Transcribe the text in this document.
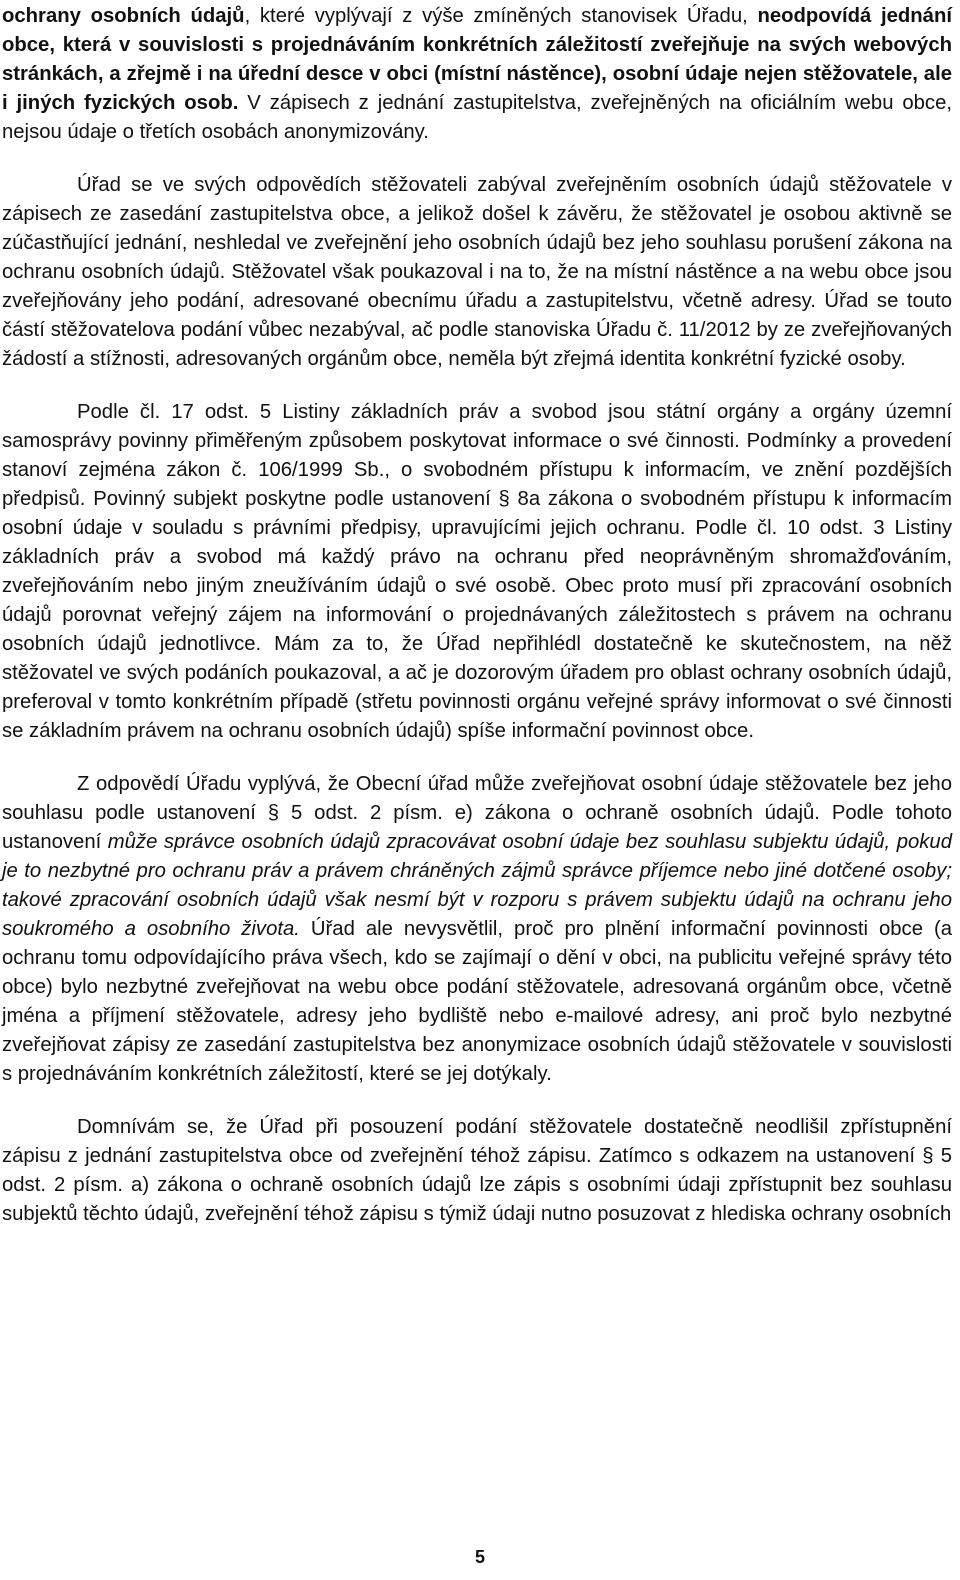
ochrany osobních údajů, které vyplývají z výše zmíněných stanovisek Úřadu, neodpovídá jednání obce, která v souvislosti s projednáváním konkrétních záležitostí zveřejňuje na svých webových stránkách, a zřejmě i na úřední desce v obci (místní nástěnce), osobní údaje nejen stěžovatele, ale i jiných fyzických osob. V zápisech z jednání zastupitelstva, zveřejněných na oficiálním webu obce, nejsou údaje o třetích osobách anonymizovány.

Úřad se ve svých odpovědích stěžovateli zabýval zveřejněním osobních údajů stěžovatele v zápisech ze zasedání zastupitelstva obce, a jelikož došel k závěru, že stěžovatel je osobou aktivně se zúčastňující jednání, neshledal ve zveřejnění jeho osobních údajů bez jeho souhlasu porušení zákona na ochranu osobních údajů. Stěžovatel však poukazoval i na to, že na místní nástěnce a na webu obce jsou zveřejňovány jeho podání, adresované obecnímu úřadu a zastupitelstvu, včetně adresy. Úřad se touto částí stěžovatelova podání vůbec nezabýval, ač podle stanoviska Úřadu č. 11/2012 by ze zveřejňovaných žádostí a stížnosti, adresovaných orgánům obce, neměla být zřejmá identita konkrétní fyzické osoby.

Podle čl. 17 odst. 5 Listiny základních práv a svobod jsou státní orgány a orgány územní samosprávy povinny přiměřeným způsobem poskytovat informace o své činnosti. Podmínky a provedení stanoví zejména zákon č. 106/1999 Sb., o svobodném přístupu k informacím, ve znění pozdějších předpisů. Povinný subjekt poskytne podle ustanovení § 8a zákona o svobodném přístupu k informacím osobní údaje v souladu s právními předpisy, upravujícími jejich ochranu. Podle čl. 10 odst. 3 Listiny základních práv a svobod má každý právo na ochranu před neoprávněným shromažďováním, zveřejňováním nebo jiným zneužíváním údajů o své osobě. Obec proto musí při zpracování osobních údajů porovnat veřejný zájem na informování o projednávaných záležitostech s právem na ochranu osobních údajů jednotlivce. Mám za to, že Úřad nepřihlédl dostatečně ke skutečnostem, na něž stěžovatel ve svých podáních poukazoval, a ač je dozorovým úřadem pro oblast ochrany osobních údajů, preferoval v tomto konkrétním případě (střetu povinnosti orgánu veřejné správy informovat o své činnosti se základním právem na ochranu osobních údajů) spíše informační povinnost obce.

Z odpovědí Úřadu vyplývá, že Obecní úřad může zveřejňovat osobní údaje stěžovatele bez jeho souhlasu podle ustanovení § 5 odst. 2 písm. e) zákona o ochraně osobních údajů. Podle tohoto ustanovení může správce osobních údajů zpracovávat osobní údaje bez souhlasu subjektu údajů, pokud je to nezbytné pro ochranu práv a právem chráněných zájmů správce příjemce nebo jiné dotčené osoby; takové zpracování osobních údajů však nesmí být v rozporu s právem subjektu údajů na ochranu jeho soukromého a osobního života. Úřad ale nevysvětlil, proč pro plnění informační povinnosti obce (a ochranu tomu odpovídajícího práva všech, kdo se zajímají o dění v obci, na publicitu veřejné správy této obce) bylo nezbytné zveřejňovat na webu obce podání stěžovatele, adresovaná orgánům obce, včetně jména a příjmení stěžovatele, adresy jeho bydliště nebo e-mailové adresy, ani proč bylo nezbytné zveřejňovat zápisy ze zasedání zastupitelstva bez anonymizace osobních údajů stěžovatele v souvislosti s projednáváním konkrétních záležitostí, které se jej dotýkaly.

Domnívám se, že Úřad při posouzení podání stěžovatele dostatečně neodlišil zpřístupnění zápisu z jednání zastupitelstva obce od zveřejnění téhož zápisu. Zatímco s odkazem na ustanovení § 5 odst. 2 písm. a) zákona o ochraně osobních údajů lze zápis s osobními údaji zpřístupnit bez souhlasu subjektů těchto údajů, zveřejnění téhož zápisu s týmiž údaji nutno posuzovat z hlediska ochrany osobních

5
